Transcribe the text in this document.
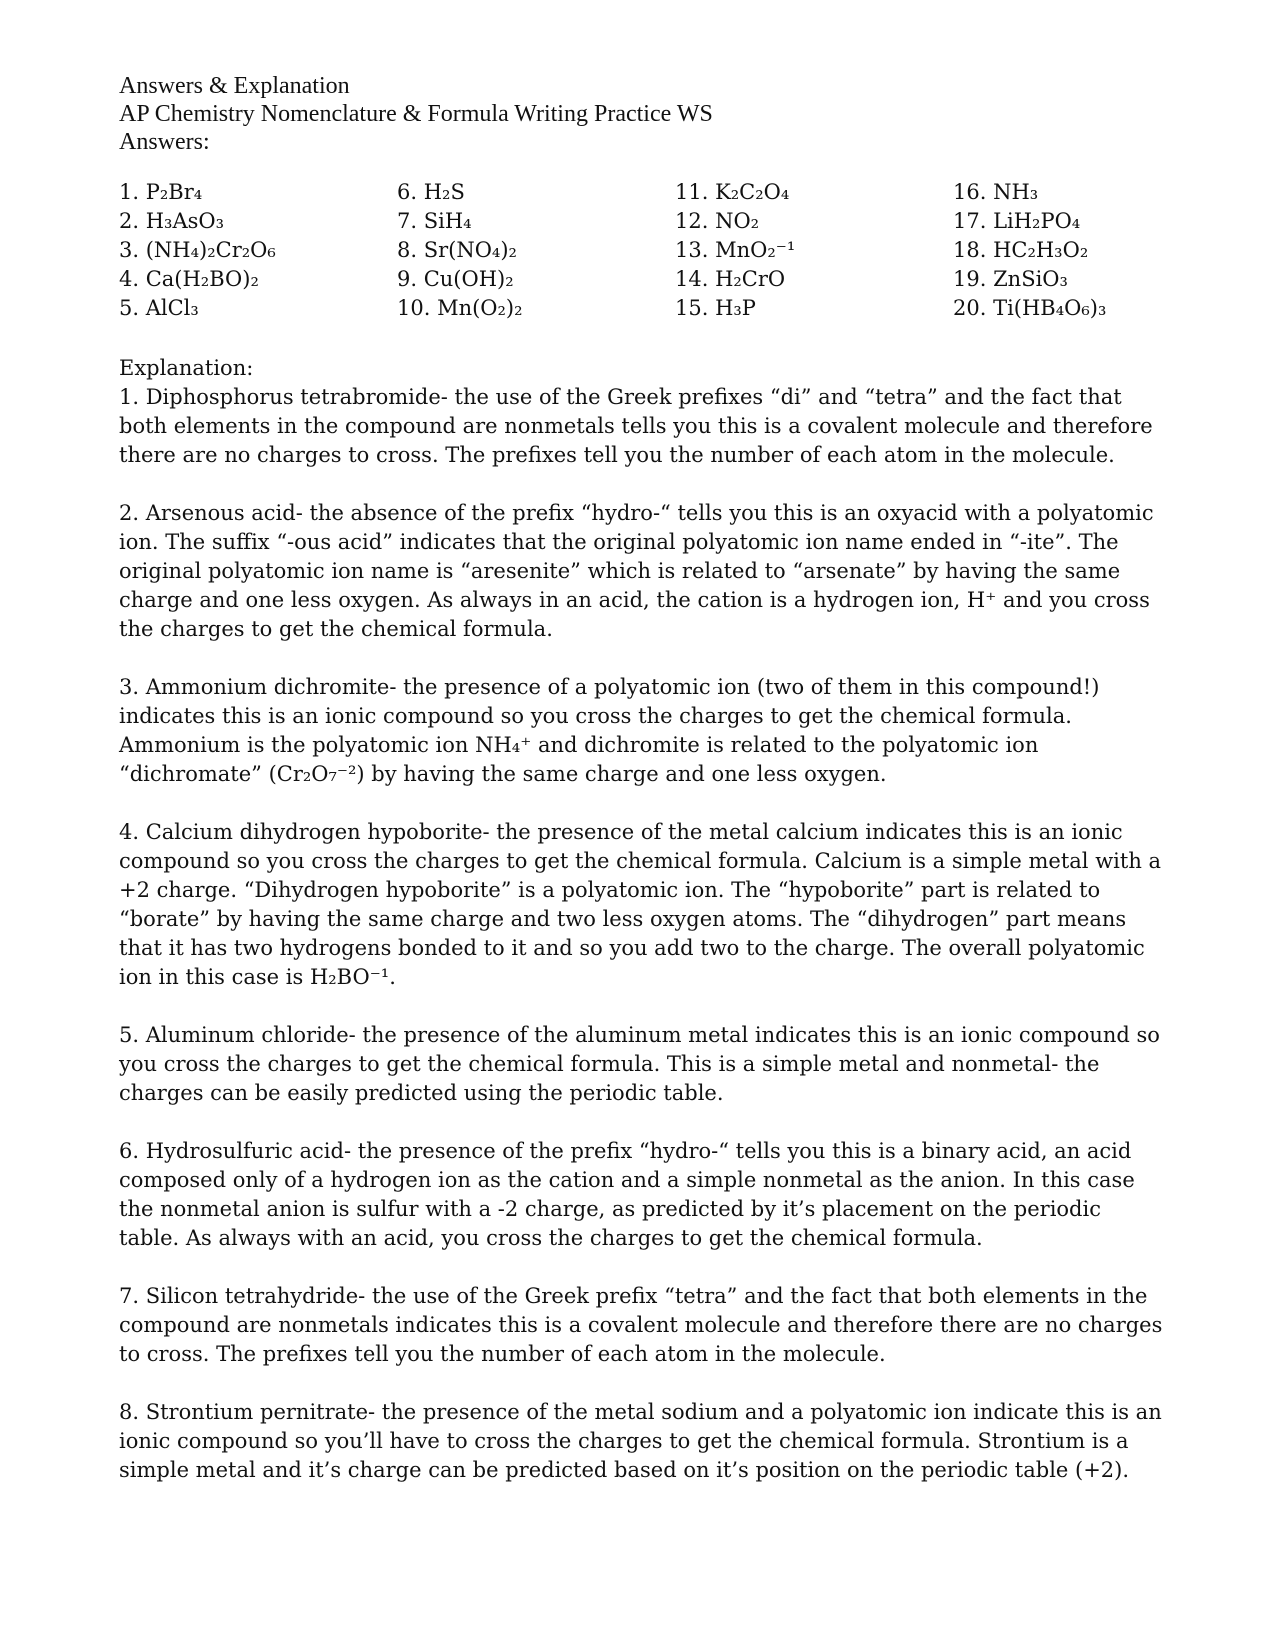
Answers & Explanation

AP Chemistry Nomenclature & Formula Writing Practice WS

Answers:

1. P₂Br₄
2. H₃AsO₃
3. (NH₄)₂Cr₂O₆
4. Ca(H₂BO)₂
5. AlCl₃
6. H₂S
7. SiH₄
8. Sr(NO₄)₂
9. Cu(OH)₂
10. Mn(O₂)₂
11. K₂C₂O₄
12. NO₂
13. MnO₂⁻¹
14. H₂CrO
15. H₃P
16. NH₃
17. LiH₂PO₄
18. HC₂H₃O₂
19. ZnSiO₃
20. Ti(HB₄O₆)₃

Explanation:

1. Diphosphorus tetrabromide- the use of the Greek prefixes “di” and “tetra” and the fact that both elements in the compound are nonmetals tells you this is a covalent molecule and therefore there are no charges to cross. The prefixes tell you the number of each atom in the molecule.

2. Arsenous acid- the absence of the prefix “hydro-“ tells you this is an oxyacid with a polyatomic ion. The suffix “-ous acid” indicates that the original polyatomic ion name ended in “-ite”. The original polyatomic ion name is “aresenite” which is related to “arsenate” by having the same charge and one less oxygen. As always in an acid, the cation is a hydrogen ion, H⁺ and you cross the charges to get the chemical formula.

3. Ammonium dichromite- the presence of a polyatomic ion (two of them in this compound!) indicates this is an ionic compound so you cross the charges to get the chemical formula. Ammonium is the polyatomic ion NH₄⁺ and dichromite is related to the polyatomic ion “dichromate” (Cr₂O₇⁻²) by having the same charge and one less oxygen.

4. Calcium dihydrogen hypoborite- the presence of the metal calcium indicates this is an ionic compound so you cross the charges to get the chemical formula. Calcium is a simple metal with a +2 charge. “Dihydrogen hypoborite” is a polyatomic ion. The “hypoborite” part is related to “borate” by having the same charge and two less oxygen atoms. The “dihydrogen” part means that it has two hydrogens bonded to it and so you add two to the charge. The overall polyatomic ion in this case is H₂BO⁻¹.

5. Aluminum chloride- the presence of the aluminum metal indicates this is an ionic compound so you cross the charges to get the chemical formula. This is a simple metal and nonmetal- the charges can be easily predicted using the periodic table.

6. Hydrosulfuric acid- the presence of the prefix “hydro-“ tells you this is a binary acid, an acid composed only of a hydrogen ion as the cation and a simple nonmetal as the anion. In this case the nonmetal anion is sulfur with a -2 charge, as predicted by it’s placement on the periodic table. As always with an acid, you cross the charges to get the chemical formula.

7. Silicon tetrahydride- the use of the Greek prefix “tetra” and the fact that both elements in the compound are nonmetals indicates this is a covalent molecule and therefore there are no charges to cross. The prefixes tell you the number of each atom in the molecule.

8. Strontium pernitrate- the presence of the metal sodium and a polyatomic ion indicate this is an ionic compound so you’ll have to cross the charges to get the chemical formula. Strontium is a simple metal and it’s charge can be predicted based on it’s position on the periodic table (+2).
